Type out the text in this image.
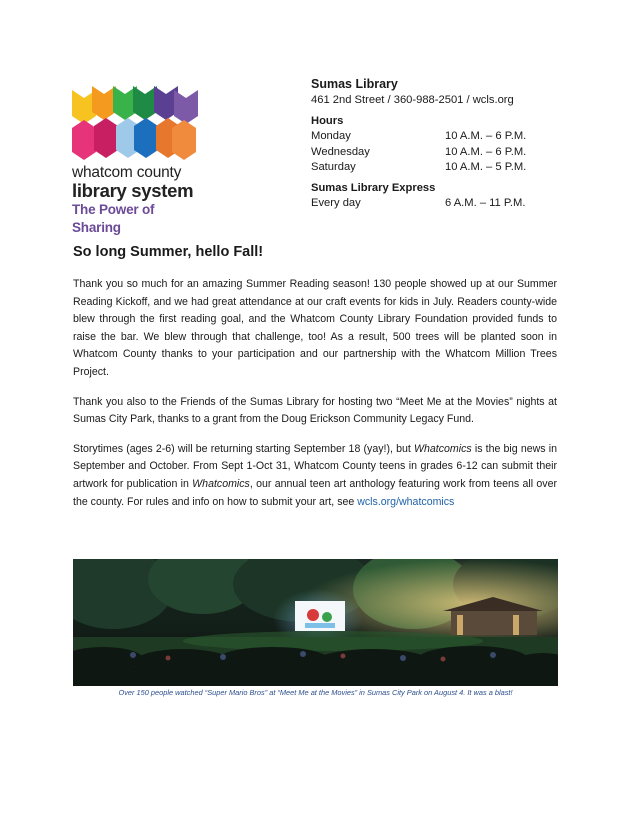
whatcom county
library system
The Power of Sharing
Sumas Library
461 2nd Street / 360-988-2501 / wcls.org
Hours
Monday	10 A.M. – 6 P.M.
Wednesday	10 A.M. – 6 P.M.
Saturday	10 A.M. – 5 P.M.
Sumas Library Express
Every day	6 A.M. – 11 P.M.
So long Summer, hello Fall!

Thank you so much for an amazing Summer Reading season! 130 people showed up at our Summer Reading Kickoff, and we had great attendance at our craft events for kids in July. Readers county-wide blew through the first reading goal, and the Whatcom County Library Foundation provided funds to raise the bar. We blew through that challenge, too! As a result, 500 trees will be planted soon in Whatcom County thanks to your participation and our partnership with the Whatcom Million Trees Project.

Thank you also to the Friends of the Sumas Library for hosting two “Meet Me at the Movies” nights at Sumas City Park, thanks to a grant from the Doug Erickson Community Legacy Fund.

Storytimes (ages 2-6) will be returning starting September 18 (yay!), but Whatcomics is the big news in September and October. From Sept 1-Oct 31, Whatcom County teens in grades 6-12 can submit their artwork for publication in Whatcomics, our annual teen art anthology featuring work from teens all over the county. For rules and info on how to submit your art, see wcls.org/whatcomics

Over 150 people watched “Super Mario Bros” at “Meet Me at the Movies” in Sumas City Park on August 4. It was a blast!
